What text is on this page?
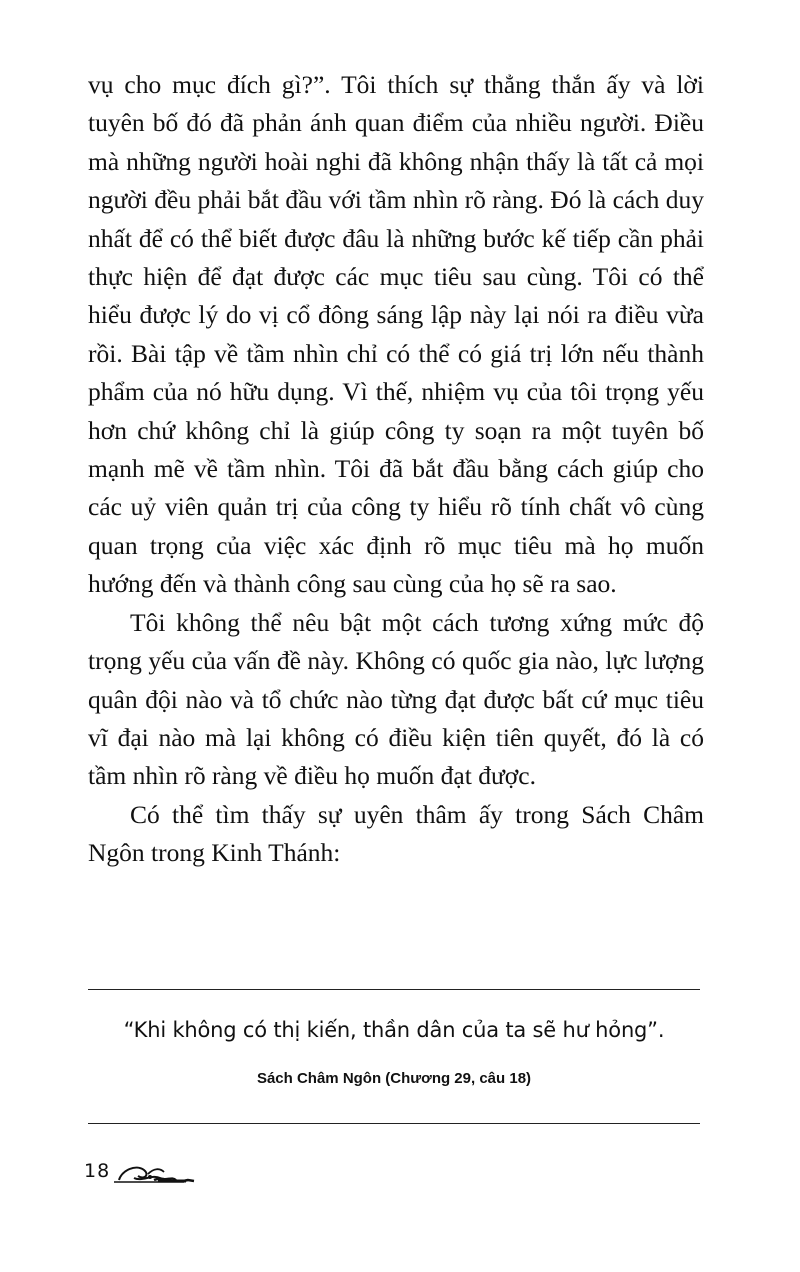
vụ cho mục đích gì?”. Tôi thích sự thẳng thắn ấy và lời tuyên bố đó đã phản ánh quan điểm của nhiều người. Điều mà những người hoài nghi đã không nhận thấy là tất cả mọi người đều phải bắt đầu với tầm nhìn rõ ràng. Đó là cách duy nhất để có thể biết được đâu là những bước kế tiếp cần phải thực hiện để đạt được các mục tiêu sau cùng. Tôi có thể hiểu được lý do vị cổ đông sáng lập này lại nói ra điều vừa rồi. Bài tập về tầm nhìn chỉ có thể có giá trị lớn nếu thành phẩm của nó hữu dụng. Vì thế, nhiệm vụ của tôi trọng yếu hơn chứ không chỉ là giúp công ty soạn ra một tuyên bố mạnh mẽ về tầm nhìn. Tôi đã bắt đầu bằng cách giúp cho các uỷ viên quản trị của công ty hiểu rõ tính chất vô cùng quan trọng của việc xác định rõ mục tiêu mà họ muốn hướng đến và thành công sau cùng của họ sẽ ra sao.

Tôi không thể nêu bật một cách tương xứng mức độ trọng yếu của vấn đề này. Không có quốc gia nào, lực lượng quân đội nào và tổ chức nào từng đạt được bất cứ mục tiêu vĩ đại nào mà lại không có điều kiện tiên quyết, đó là có tầm nhìn rõ ràng về điều họ muốn đạt được.

Có thể tìm thấy sự uyên thâm ấy trong Sách Châm Ngôn trong Kinh Thánh:

“Khi không có thị kiến, thần dân của ta sẽ hư hỏng”.
Sách Châm Ngôn (Chương 29, câu 18)
18
